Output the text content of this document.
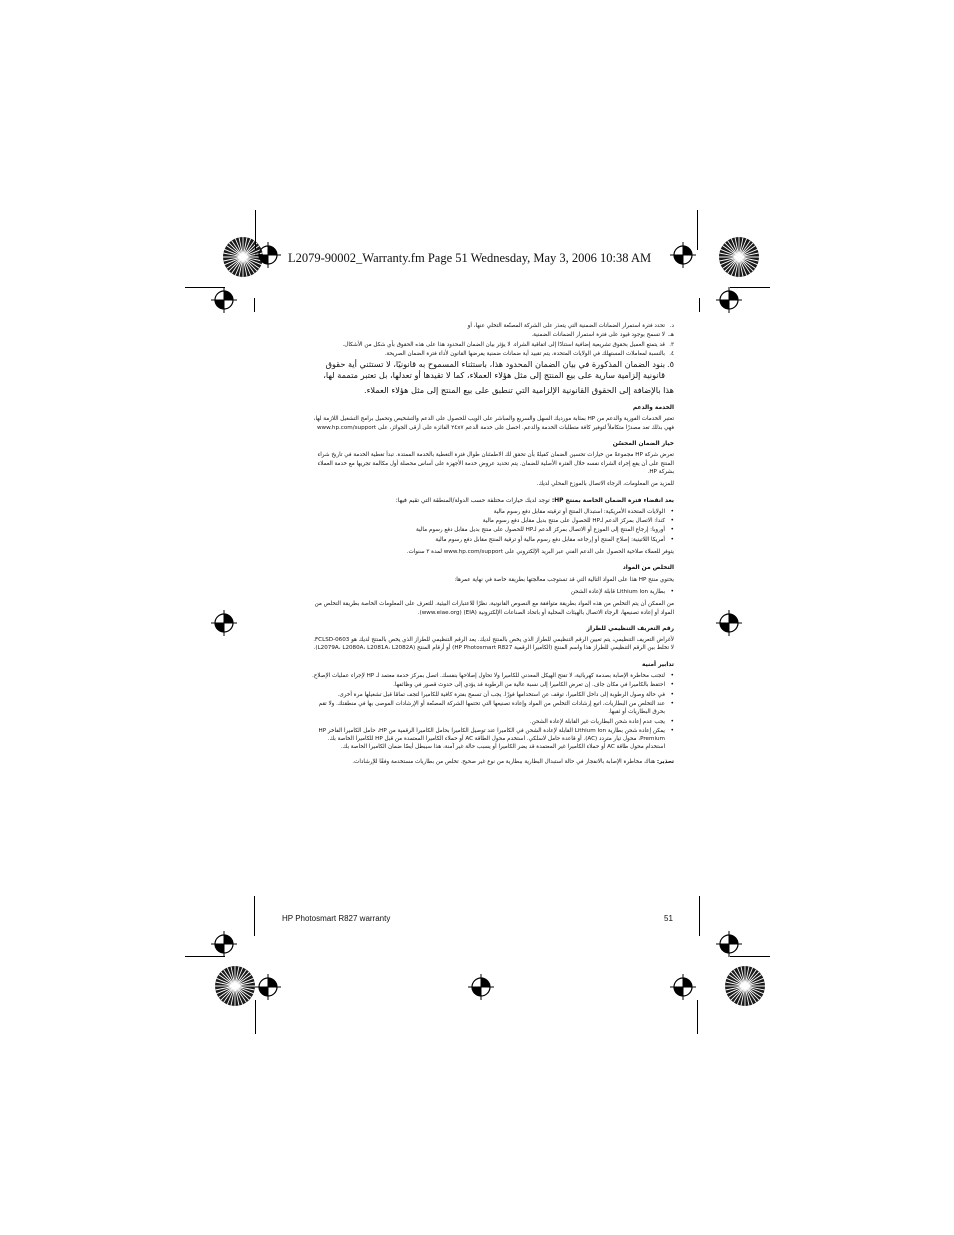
L2079-90002_Warranty.fm Page 51 Wednesday, May 3, 2006 10:38 AM
د.
تحدد فترة استمرار الضمانات الضمنية التي يتعذر على الشركة المصنّعة التخلي عنها، أو
هـ.
لا تسمح بوجود قيود على فترة استمرار الضمانات الضمنية.
٣.
قد يتمتع العميل بحقوق تشريعية إضافية استنادًا إلى اتفاقية الشراء. لا يؤثر بيان الضمان المحدود هذا على هذه الحقوق بأي شكل من الأشكال.
٤.
بالنسبة لمعاملات المستهلك في الولايات المتحدة، يتم تقييد أية ضمانات ضمنية يفرضها القانون لأداء فترة الضمان الصريحة.
٥.
بنود الضمان المذكورة في بيان الضمان المحدود هذا، باستثناء المسموح به قانونيًا، لا تستثني أية حقوق قانونية إلزامية سارية على بيع المنتج إلى مثل هؤلاء العملاء، كما لا تقيدها أو تعدلها، بل تعتبر متممة لها،

هذا بالإضافة إلى الحقوق القانونية الإلزامية التي تنطبق على بيع المنتج إلى مثل هؤلاء العملاء.

الخدمة والدعم

تعتبر الخدمات الفورية والدعم من HP بمثابة مورديك السهل والسريع والمباشر على الويب للحصول على الدعم والتشخيص وتحميل برامج التشغيل اللازمة لها، فهي بذلك تعد مصدرًا متكاملاً لتوفير كافة متطلبات الخدمة والدعم. احصل على خدمة الدعم ٢٤x٧ الفائزة على أرقى الجوائز، على www.hp.com/support

خيار الضمان المحسّن

تعرض شركة HP مجموعةً من خيارات تحسين الضمان كفيلةً بأن تحقق لك الاطمئنان طوال فترة التغطية بالخدمة الممتدة. تبدأ تغطية الخدمة في تاريخ شراء المنتج على أن يقع إجراء الشراء نفسه خلال الفترة الأصلية للضمان. يتم تحديد عروض خدمة الأجهزة على أساس محصلة أول مكالمة تجريها مع خدمة العملاء بشركة HP.

للمزيد من المعلومات، الرجاء الاتصال بالموزع المحلي لديك.

بعد انقضاء فترة الضمان الخاصة بمنتج HP: توجد لديك خيارات مختلفة حسب الدولة/المنطقة التي تقيم فيها:
•
الولايات المتحدة الأمريكية: استبدال المنتج أو ترقيته مقابل دفع رسوم مالية
•
كندا: الاتصال بمركز الدعم لـHP للحصول على منتج بديل مقابل دفع رسوم مالية
•
أوروبا: إرجاع المنتج إلى الموزع أو الاتصال بمركز الدعم لـHP للحصول على منتج بديل مقابل دفع رسوم مالية
•
أمريكا اللاتينية: إصلاح المنتج أو إرجاعه مقابل دفع رسوم مالية أو ترقية المنتج مقابل دفع رسوم مالية

يتوفر للعملاء صلاحية الحصول على الدعم الفني عبر البريد الإلكتروني على www.hp.com/support لمدة ٣ سنوات.

التخلص من المواد

يحتوي منتج HP هذا على المواد التالية التي قد تستوجب معالجتها بطريقة خاصة في نهاية عمرها:

•
بطارية Lithium Ion قابلة لإعادة الشحن

من الممكن أن يتم التخلص من هذه المواد بطريقة متوافقة مع النصوص القانونية، نظرًا للاعتبارات البيئية. للتعرف على المعلومات الخاصة بطريقة التخلص من المواد أو إعادة تصنيعها، الرجاء الاتصال بالهيئات المحلية أو باتحاد الصناعات الإلكترونية (EIA) (www.eiae.org).

رقم التعريف التنظيمي للطراز

لأغراض التعريف التنظيمي، يتم تعيين الرقم التنظيمي للطراز الذي يخص بالمنتج لديك. يعد الرقم التنظيمي للطراز الذي يخص بالمنتج لديك هو FCLSD-0603. لا تخلط بين الرقم التنظيمي للطراز هذا واسم المنتج (الكاميرا الرقمية HP Photosmart R827) أو أرقام المنتج (L2079A، L2080A، L2081A، L2082A).

تدابير أمنية
•
لتجنب مخاطرة الإصابة بصدمة كهربائية، لا تفتح الهيكل المعدني للكاميرا ولا تحاول إصلاحها بنفسك. اتصل بمركز خدمة معتمد لـ HP لإجراء عمليات الإصلاح.
•
احتفظ بالكاميرا في مكان جاف. إن تعرض الكاميرا إلى نسبة عالية من الرطوبة قد يؤدي إلى حدوث قصور في وظائفها.
•
في حالة وصول الرطوبة إلى داخل الكاميرا، توقف عن استخدامها فورًا. يجب أن تسمح بفترة كافية للكاميرا لتجف تمامًا قبل تشغيلها مرة أخرى.
•
عند التخلص من البطاريات، اتبع إرشادات التخلص من المواد وإعادة تصنيعها التي تحتمها الشركة المصنّعة أو الإرشادات الموصى بها في منطقتك. ولا تقم بحرق البطاريات أو ثقبها.
•
يجب عدم إعادة شحن البطاريات غير القابلة لإعادة الشحن.
•
يمكن إعادة شحن بطارية Lithium Ion القابلة لإعادة الشحن في الكاميرا عند توصيل الكاميرا بحامل الكاميرا الرقمية من HP، حامل الكاميرا الفاخر HP Premium، محول تيار متردد (AC). أو قاعدة حامل لاسلكي. استخدم محول الطاقة AC أو حملاء الكاميرا المعتمدة من قبل HP للكاميرا الخاصة بك. استخدام محول طاقة AC أو حملاء الكاميرا غير المعتمدة قد يضر الكاميرا أو يسبب حالة غير آمنة، هذا سيبطل أيضًا ضمان الكاميرا الخاصة بك.

تحذير: هناك مخاطرة الإصابة بالانفجار في حالة استبدال البطارية ببطارية من نوع غير صحيح. تخلص من بطاريات مستخدمة وفقًا للإرشادات.

HP Photosmart R827 warranty	51
